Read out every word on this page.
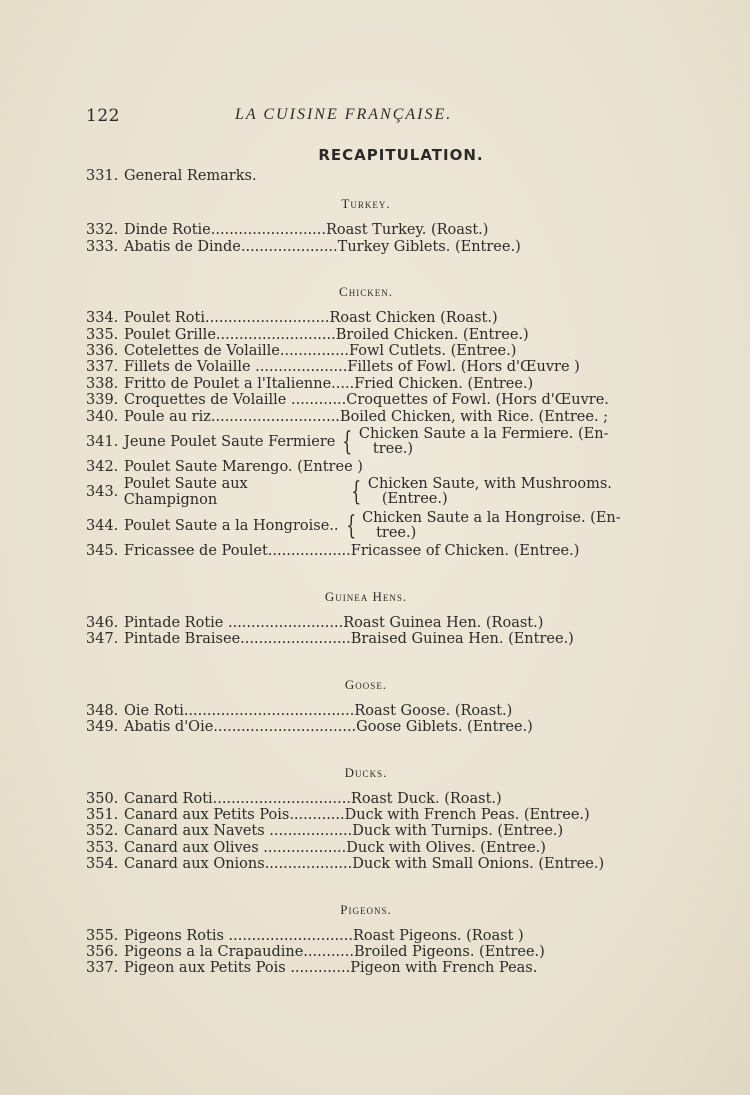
122	LA CUISINE FRANÇAISE.
RECAPITULATION.
331. General Remarks.
Turkey.
332. Dinde Rotie.........................Roast Turkey. (Roast.)
333. Abatis de Dinde.....................Turkey Giblets. (Entree.)
Chicken.
334. Poulet Roti...........................Roast Chicken (Roast.)
335. Poulet Grille..........................Broiled Chicken. (Entree.)
336. Cotelettes de Volaille...............Fowl Cutlets. (Entree.)
337. Fillets de Volaille ....................Fillets of Fowl. (Hors d'Œuvre )
338. Fritto de Poulet a l'Italienne.....Fried Chicken. (Entree.)
339. Croquettes de Volaille ............Croquettes of Fowl. (Hors d'Œuvre.
340. Poule au riz............................Boiled Chicken, with Rice. (Entree. ;
341. Jeune Poulet Saute Fermiere { Chicken Saute a la Fermiere. (En-
tree.)
342. Poulet Saute Marengo. (Entree )
343. Poulet Saute aux Champignon	{ Chicken Saute, with Mushrooms.
(Entree.)
344. Poulet Saute a la Hongroise.. { Chicken Saute a la Hongroise. (En-
tree.)
345. Fricassee de Poulet..................Fricassee of Chicken. (Entree.)
Guinea Hens.
346. Pintade Rotie .........................Roast Guinea Hen. (Roast.)
347. Pintade Braisee........................Braised Guinea Hen. (Entree.)
Goose.
348. Oie Roti.....................................Roast Goose. (Roast.)
349. Abatis d'Oie...............................Goose Giblets. (Entree.)
Ducks.
350. Canard Roti..............................Roast Duck. (Roast.)
351. Canard aux Petits Pois............Duck with French Peas. (Entree.)
352. Canard aux Navets ..................Duck with Turnips. (Entree.)
353. Canard aux Olives ..................Duck with Olives. (Entree.)
354. Canard aux Onions...................Duck with Small Onions. (Entree.)
Pigeons.
355. Pigeons Rotis ...........................Roast Pigeons. (Roast )
356. Pigeons a la Crapaudine...........Broiled Pigeons. (Entree.)
337. Pigeon aux Petits Pois .............Pigeon with French Peas.
